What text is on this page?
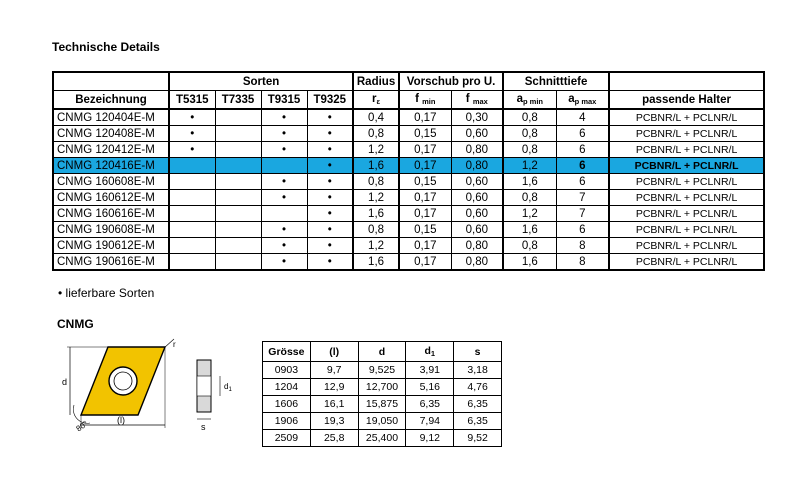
Technische Details
	Sorten				Radius	Vorschub pro U.		Schnitttiefe		
Bezeichnung	T5315	T7335	T9315	T9325	$r_\varepsilon$	f $_{min}$	f $_{max}$	$a_{p min}$	$a_{p max}$	passende Halter
CNMG 120404E-M	•		•	•	0,4	0,17	0,30	0,8	4	PCBNR/L + PCLNR/L
CNMG 120408E-M	•		•	•	0,8	0,15	0,60	0,8	6	PCBNR/L + PCLNR/L
CNMG 120412E-M	•		•	•	1,2	0,17	0,80	0,8	6	PCBNR/L + PCLNR/L
CNMG 120416E-M				•	1,6	0,17	0,80	1,2	6	PCBNR/L + PCLNR/L
CNMG 160608E-M			•	•	0,8	0,15	0,60	1,6	6	PCBNR/L + PCLNR/L
CNMG 160612E-M			•	•	1,2	0,17	0,60	0,8	7	PCBNR/L + PCLNR/L
CNMG 160616E-M				•	1,6	0,17	0,60	1,2	7	PCBNR/L + PCLNR/L
CNMG 190608E-M			•	•	0,8	0,15	0,60	1,6	6	PCBNR/L + PCLNR/L
CNMG 190612E-M			•	•	1,2	0,17	0,80	0,8	8	PCBNR/L + PCLNR/L
CNMG 190616E-M			•	•	1,6	0,17	0,80	1,6	8	PCBNR/L + PCLNR/L
• lieferbare Sorten
CNMG
d
(l)
r
80°
$d_1$
s
Grösse	(l)	d	$d_1$	s
0903	9,7	9,525	3,91	3,18
1204	12,9	12,700	5,16	4,76
1606	16,1	15,875	6,35	6,35
1906	19,3	19,050	7,94	6,35
2509	25,8	25,400	9,12	9,52
